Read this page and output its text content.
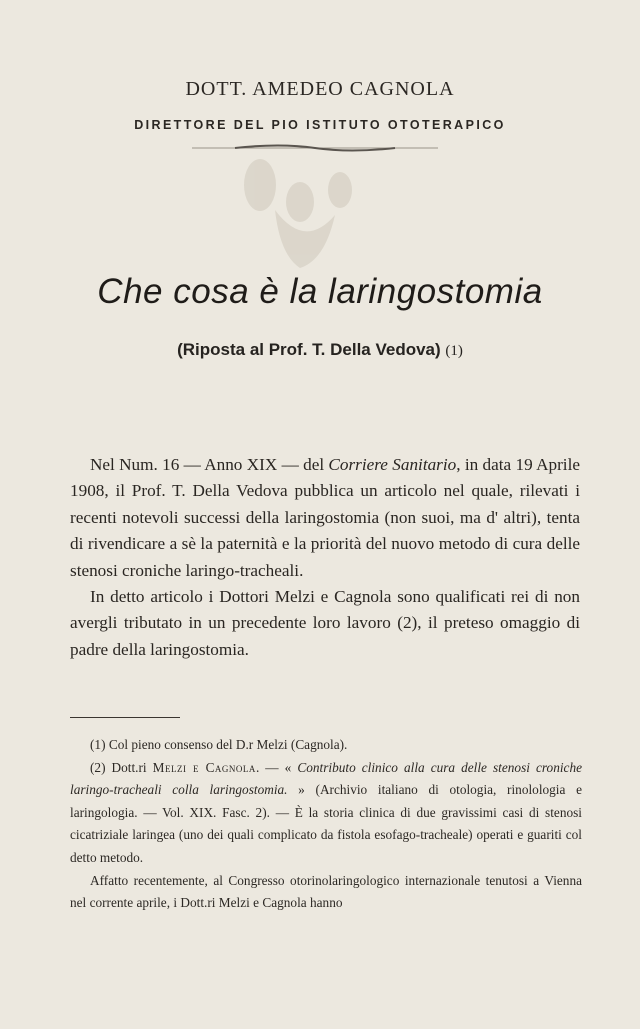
DOTT. AMEDEO CAGNOLA
DIRETTORE DEL PIO ISTITUTO OTOTERAPICO
Che cosa è la laringostomia
(Riposta al Prof. T. Della Vedova) (1)

Nel Num. 16 — Anno XIX — del Corriere Sanitario, in data 19 Aprile 1908, il Prof. T. Della Vedova pubblica un articolo nel quale, rilevati i recenti notevoli successi della laringostomia (non suoi, ma d' altri), tenta di rivendicare a sè la paternità e la priorità del nuovo metodo di cura delle stenosi croniche laringo-tracheali.

In detto articolo i Dottori Melzi e Cagnola sono qualificati rei di non avergli tributato in un precedente loro lavoro (2), il preteso omaggio di padre della laringostomia.

(1) Col pieno consenso del D.r Melzi (Cagnola).

(2) Dott.ri Melzi e Cagnola. — « Contributo clinico alla cura delle stenosi croniche laringo-tracheali colla laringostomia. » (Archivio italiano di otologia, rinolologia e laringologia. — Vol. XIX. Fasc. 2). — È la storia clinica di due gravissimi casi di stenosi cicatriziale laringea (uno dei quali complicato da fistola esofago-tracheale) operati e guariti col detto metodo.

Affatto recentemente, al Congresso otorinolaringologico internazionale tenutosi a Vienna nel corrente aprile, i Dott.ri Melzi e Cagnola hanno
